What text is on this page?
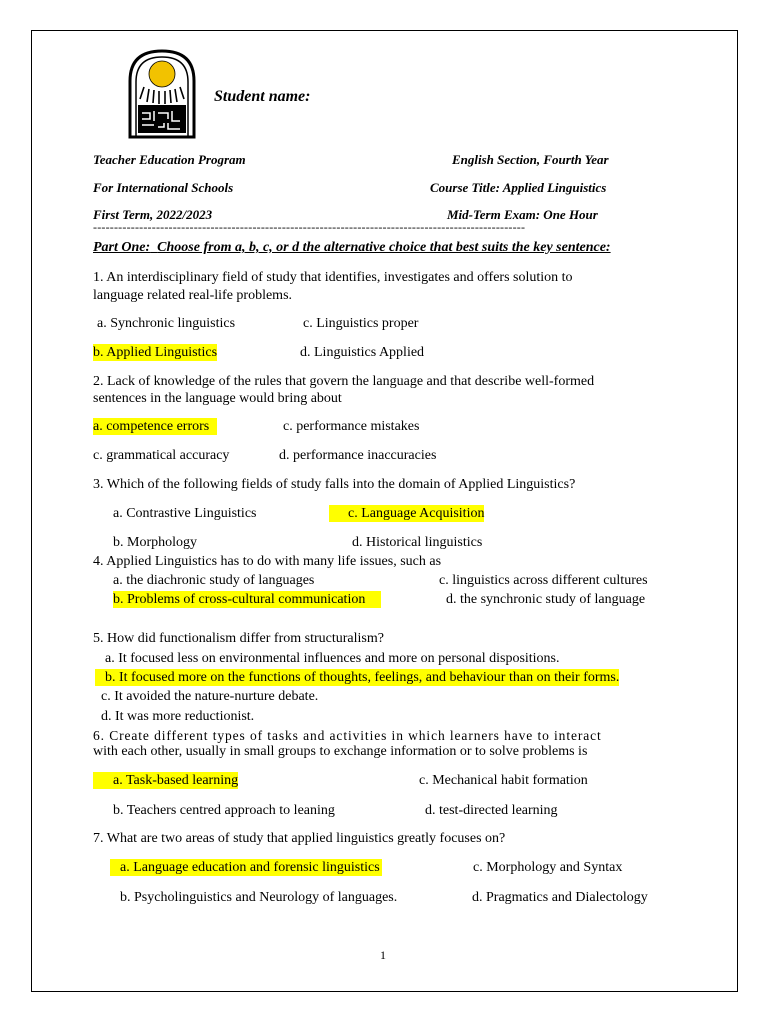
Student name:
Teacher Education Program	English Section, Fourth Year
For International Schools	Course Title: Applied Linguistics
First Term, 2022/2023	Mid-Term Exam: One Hour
-------------------------------------------------------------------------------------------------------
Part One: Choose from a, b, c, or d the alternative choice that best suits the key sentence:
1. An interdisciplinary field of study that identifies, investigates and offers solution to
language related real-life problems.
a. Synchronic linguistics	c. Linguistics proper
b. Applied Linguistics	d. Linguistics Applied
2. Lack of knowledge of the rules that govern the language and that describe well-formed
sentences in the language would bring about
a. competence errors	c. performance mistakes
c. grammatical accuracy	d. performance inaccuracies
3. Which of the following fields of study falls into the domain of Applied Linguistics?
a. Contrastive Linguistics	c. Language Acquisition
b. Morphology	d. Historical linguistics
4. Applied Linguistics has to do with many life issues, such as
a. the diachronic study of languages	c. linguistics across different cultures
b. Problems of cross-cultural communication	d. the synchronic study of language
5. How did functionalism differ from structuralism?
a. It focused less on environmental influences and more on personal dispositions.
b. It focused more on the functions of thoughts, feelings, and behaviour than on their forms.
c. It avoided the nature-nurture debate.
d. It was more reductionist.
6. Create different types of tasks and activities in which learners have to interact
with each other, usually in small groups to exchange information or to solve problems is
a. Task-based learning	c. Mechanical habit formation
b. Teachers centred approach to leaning	d. test-directed learning
7. What are two areas of study that applied linguistics greatly focuses on?
a. Language education and forensic linguistics	c. Morphology and Syntax
b. Psycholinguistics and Neurology of languages.	d. Pragmatics and Dialectology
1
